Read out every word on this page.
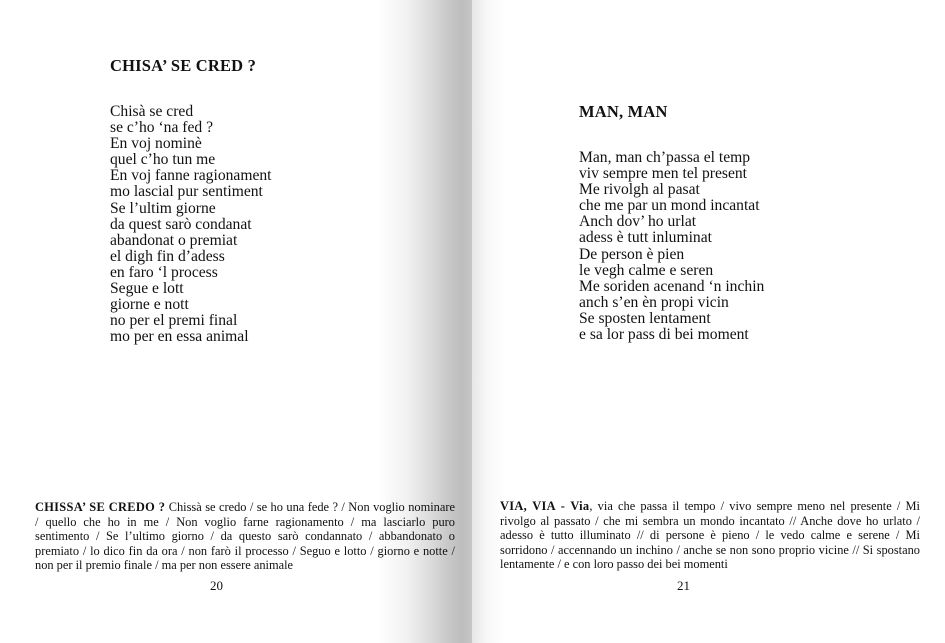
CHISA’ SE CRED ?
Chisà se cred
se c’ho ‘na fed ?
En voj nominè
quel c’ho tun me
En voj fanne ragionament
mo lascial pur sentiment
Se l’ultim giorne
da quest sarò condanat
abandonat o premiat
el digh fin d’adess
en faro ‘l process
Segue e lott
giorne e nott
no per el premi final
mo per en essa animal
CHISSA’ SE CREDO ? Chissà se credo / se ho una fede ? / Non voglio nominare / quello che ho in me / Non voglio farne ragionamento / ma lasciarlo puro sentimento / Se l’ultimo giorno / da questo sarò condannato / abbandonato o premiato / lo dico fin da ora / non farò il processo / Seguo e lotto / giorno e notte / non per il premio finale / ma per non essere animale
20
MAN, MAN
Man, man ch’passa el temp
viv sempre men tel present
Me rivolgh al pasat
che me par un mond incantat
Anch dov’ ho urlat
adess è tutt inluminat
De person è pien
le vegh calme e seren
Me soriden acenand ‘n inchin
anch s’en èn propi vicin
Se sposten lentament
e sa lor pass di bei moment
VIA, VIA - Via, via che passa il tempo / vivo sempre meno nel presente / Mi rivolgo al passato / che mi sembra un mondo incantato // Anche dove ho urlato / adesso è tutto illuminato // di persone è pieno / le vedo calme e serene / Mi sorridono / accennando un inchino / anche se non sono proprio vicine // Si spostano lentamente / e con loro passo dei bei momenti
21
